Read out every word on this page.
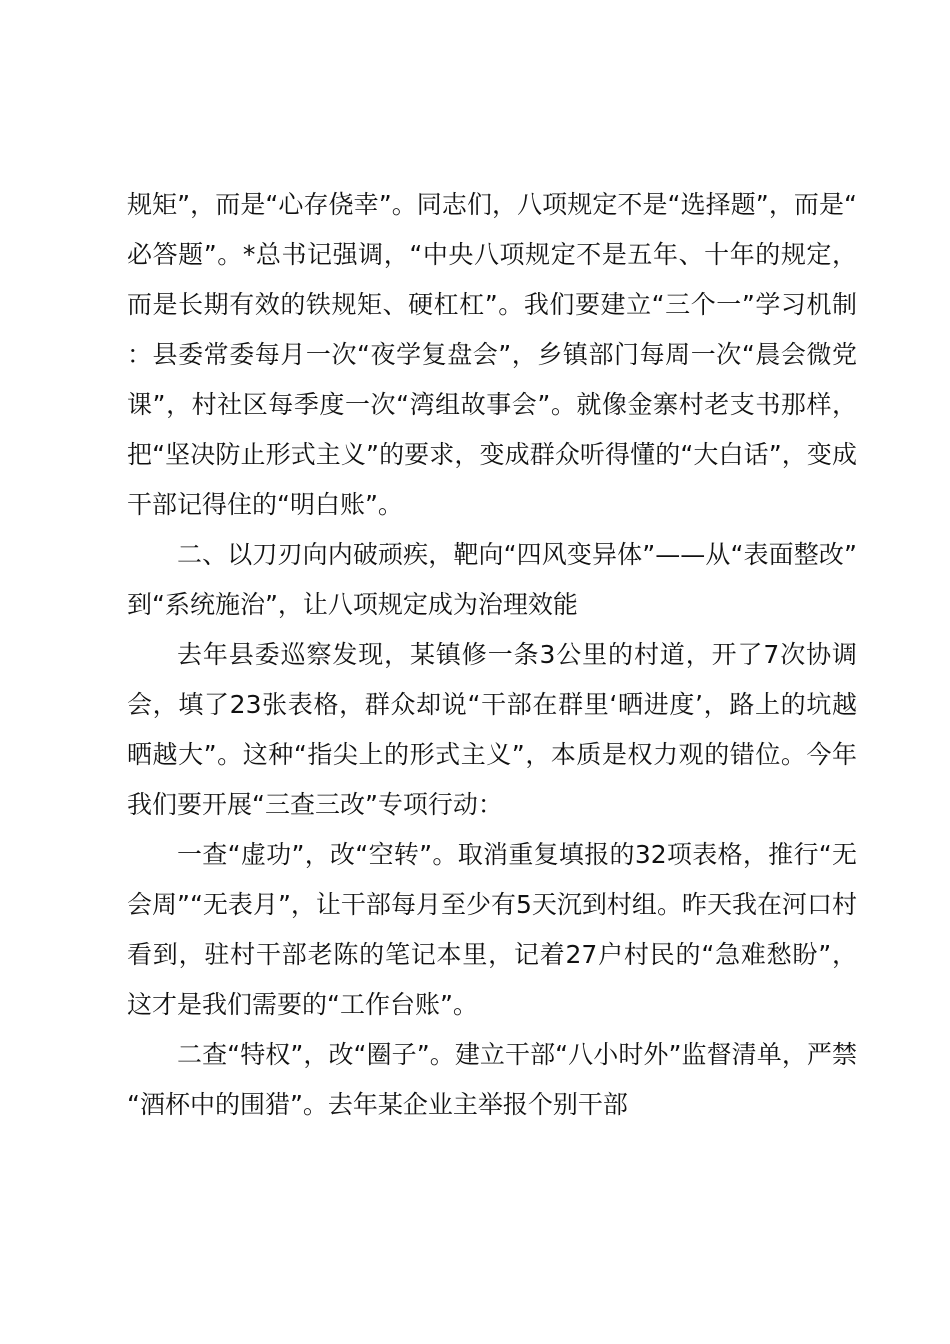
规矩”，而是“心存侥幸”。同志们，八项规定不是“选择题”，而是“必答题”。*总书记强调，“中央八项规定不是五年、十年的规定，而是长期有效的铁规矩、硬杠杠”。我们要建立“三个一”学习机制：县委常委每月一次“夜学复盘会”，乡镇部门每周一次“晨会微党课”，村社区每季度一次“湾组故事会”。就像金寨村老支书那样，把“坚决防止形式主义”的要求，变成群众听得懂的“大白话”，变成干部记得住的“明白账”。

二、以刀刃向内破顽疾，靶向“四风变异体”——从“表面整改”到“系统施治”，让八项规定成为治理效能

去年县委巡察发现，某镇修一条3公里的村道，开了7次协调会，填了23张表格，群众却说“干部在群里‘晒进度’，路上的坑越晒越大”。这种“指尖上的形式主义”，本质是权力观的错位。今年我们要开展“三查三改”专项行动：

一查“虚功”，改“空转”。取消重复填报的32项表格，推行“无会周”“无表月”，让干部每月至少有5天沉到村组。昨天我在河口村看到，驻村干部老陈的笔记本里，记着27户村民的“急难愁盼”，这才是我们需要的“工作台账”。

二查“特权”，改“圈子”。建立干部“八小时外”监督清单，严禁“酒杯中的围猎”。去年某企业主举报个别干部
